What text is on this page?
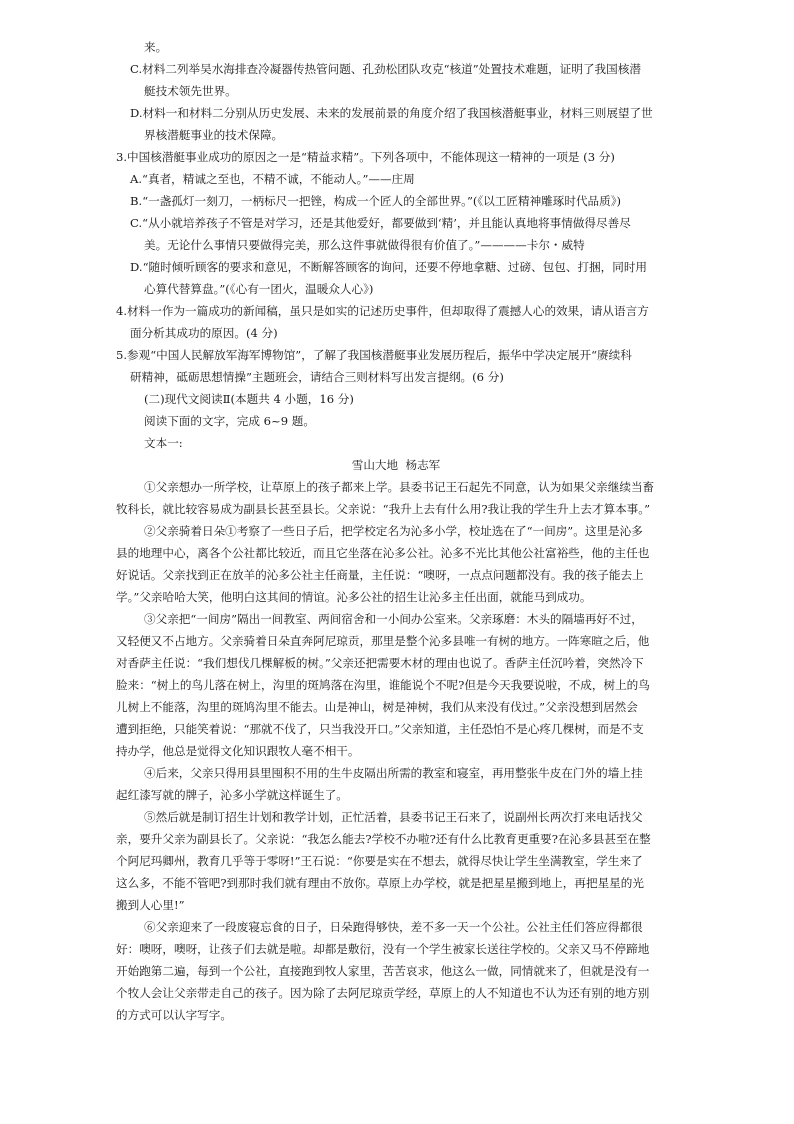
来。
C.材料二列举吴水海排查冷凝器传热管问题、孔劲松团队攻克“核道”处置技术难题，证明了我国核潜
艇技术领先世界。
D.材料一和材料二分别从历史发展、未来的发展前景的角度介绍了我国核潜艇事业，材料三则展望了世
界核潜艇事业的技术保障。
3.中国核潜艇事业成功的原因之一是“精益求精”。下列各项中，不能体现这一精神的一项是 (3 分)
A.“真者，精诚之至也，不精不诚，不能动人。”——庄周
B.“一盏孤灯一刻刀，一柄标尺一把锉，构成一个匠人的全部世界。”(《以工匠精神雕琢时代品质》)
C.“从小就培养孩子不管是对学习，还是其他爱好，都要做到‘精’，并且能认真地将事情做得尽善尽
美。无论什么事情只要做得完美，那么这件事就做得很有价值了。”————卡尔・威特
D.“随时倾听顾客的要求和意见，不断解答顾客的询问，还要不停地拿糖、过磅、包包、打捆，同时用
心算代替算盘。”(《心有一团火，温暖众人心》)
4.材料一作为一篇成功的新闻稿，虽只是如实的记述历史事件，但却取得了震撼人心的效果，请从语言方
面分析其成功的原因。(4 分)
5.参观“中国人民解放军海军博物馆”，了解了我国核潜艇事业发展历程后，振华中学决定展开“赓续科
研精神，砥砺思想情操”主题班会，请结合三则材料写出发言提纲。(6 分)
(二)现代文阅读Ⅱ(本题共 4 小题，16 分)
阅读下面的文字，完成 6~9 题。
文本一:
雪山大地  杨志军
①父亲想办一所学校，让草原上的孩子都来上学。县委书记王石起先不同意，认为如果父亲继续当畜
牧科长，就比较容易成为副县长甚至县长。父亲说：“我升上去有什么用?我让我的学生升上去才算本事。”
②父亲骑着日朵①考察了一些日子后，把学校定名为沁多小学，校址选在了“一间房”。这里是沁多
县的地理中心，离各个公社都比较近，而且它坐落在沁多公社。沁多不光比其他公社富裕些，他的主任也
好说话。父亲找到正在放羊的沁多公社主任商量，主任说：“噢呀，一点点问题都没有。我的孩子能去上
学。”父亲哈哈大笑，他明白这其间的情谊。沁多公社的招生让沁多主任出面，就能马到成功。
③父亲把“一间房”隔出一间教室、两间宿舍和一小间办公室来。父亲琢磨：木头的隔墙再好不过，
又轻便又不占地方。父亲骑着日朵直奔阿尼琼贡，那里是整个沁多县唯一有树的地方。一阵寒暄之后，他
对香萨主任说：“我们想伐几棵解板的树。”父亲还把需要木材的理由也说了。香萨主任沉吟着，突然冷下
脸来：“树上的鸟儿落在树上，沟里的斑鸠落在沟里，谁能说个不呢?但是今天我要说啦，不成，树上的鸟
儿树上不能落，沟里的斑鸠沟里不能去。山是神山，树是神树，我们从来没有伐过。”父亲没想到居然会
遭到拒绝，只能笑着说：“那就不伐了，只当我没开口。”父亲知道，主任恐怕不是心疼几棵树，而是不支
持办学，他总是觉得文化知识跟牧人毫不相干。
④后来，父亲只得用县里囤积不用的生牛皮隔出所需的教室和寝室，再用整张牛皮在门外的墙上挂
起红漆写就的牌子，沁多小学就这样诞生了。
⑤然后就是制订招生计划和教学计划，正忙活着，县委书记王石来了，说副州长两次打来电话找父
亲，要升父亲为副县长了。父亲说：“我怎么能去?学校不办啦?还有什么比教育更重要?在沁多县甚至在整
个阿尼玛卿州，教育几乎等于零呀!”王石说：“你要是实在不想去，就得尽快让学生坐满教室，学生来了
这么多，不能不管吧?到那时我们就有理由不放你。草原上办学校，就是把星星搬到地上，再把星星的光
搬到人心里!”
⑥父亲迎来了一段废寝忘食的日子，日朵跑得够快，差不多一天一个公社。公社主任们答应得都很
好：噢呀，噢呀，让孩子们去就是啦。却都是敷衍，没有一个学生被家长送往学校的。父亲又马不停蹄地
开始跑第二遍，每到一个公社，直接跑到牧人家里，苦苦哀求，他这么一做，同情就来了，但就是没有一
个牧人会让父亲带走自己的孩子。因为除了去阿尼琼贡学经，草原上的人不知道也不认为还有别的地方别
的方式可以认字写字。
